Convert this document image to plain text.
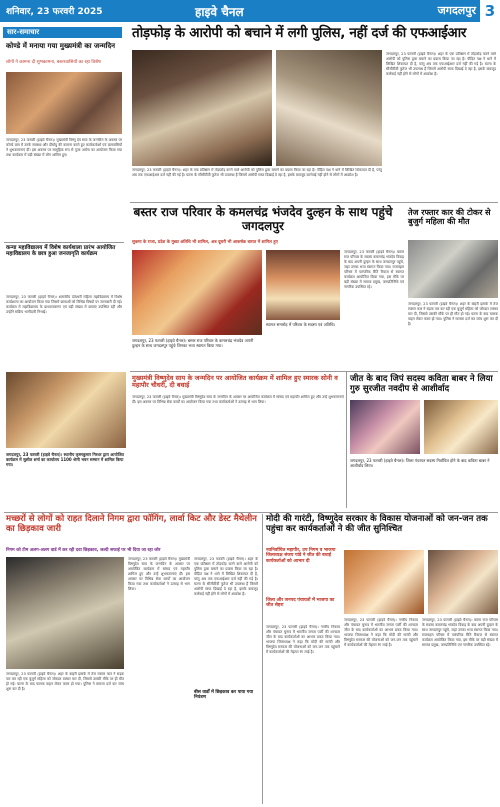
शनिवार, 23 फरवरी 2025	हाइवे चैनल	जगदलपुर 3
सार-समाचार
कोण्डे में मनाया गया मुख्यमंत्री का जन्मदिन
लोगों ने कामना दी शुभकामना, बस्तरवासियों का रहा विशेष
जगदलपुर, 23 फरवरी (हाइवे चैनल)। मुख्यमंत्री विष्णु देव साय के जन्मदिन के अवसर पर कोण्डे ग्राम में उनके स्वास्थ्य और दीर्घायु की कामना करते हुए कार्यकर्ताओं एवं ग्रामवासियों ने शुभकामनाएं दीं। इस अवसर पर सामूहिक रूप से पूजा अर्चना का आयोजन किया गया तथा कार्यक्रम में बड़ी संख्या में लोग शामिल हुए।
कन्या महाविद्यालय में विशेष कार्यशाला प्रारंभ आयोजित महाविद्यालय के छात्र हुआ जनजागृति कार्यक्रम
जगदलपुर, 23 फरवरी (हाइवे चैनल)। शासकीय दंतेश्वरी महिला महाविद्यालय में विशेष कार्यशाला का आयोजन किया गया जिसमें छात्राओं को विभिन्न विषयों पर जानकारी दी गई। कार्यक्रम में महाविद्यालय के प्राध्यापकगण एवं बड़ी संख्या में छात्राएं उपस्थित रहीं और उन्होंने सक्रिय भागीदारी निभाई।
तोड़फोड़ के आरोपी को बचाने में लगी पुलिस, नहीं दर्ज की एफआईआर
जगदलपुर, 23 फरवरी (हाइवे चैनल)। शहर के एक प्रतिष्ठान में तोड़फोड़ करने वाले आरोपी को पुलिस द्वारा बचाने का प्रयास किया जा रहा है। पीड़ित पक्ष ने थाने में लिखित शिकायत दी है, परंतु अब तक एफआईआर दर्ज नहीं की गई है। घटना के सीसीटीवी फुटेज भी उपलब्ध हैं जिसमें आरोपी साफ दिखाई दे रहा है, इसके बावजूद कार्रवाई नहीं होने से लोगों में आक्रोश है।
जगदलपुर, 23 फरवरी (हाइवे चैनल)। शहर के एक प्रतिष्ठान में तोड़फोड़ करने वाले आरोपी को पुलिस द्वारा बचाने का प्रयास किया जा रहा है। पीड़ित पक्ष ने थाने में लिखित शिकायत दी है, परंतु अब तक एफआईआर दर्ज नहीं की गई है। घटना के सीसीटीवी फुटेज भी उपलब्ध हैं जिसमें आरोपी साफ दिखाई दे रहा है, इसके बावजूद कार्रवाई नहीं होने से लोगों में आक्रोश है।
बस्तर राज परिवार के कमलचंद्र भंजदेव दुल्हन के साथ पहुंचे जगदलपुर
सुकमा के राजा, प्रदेश के मुख्य अतिथि भी शामिल, अब दूसरी भी आकर्षक बारात में शामिल हुए
जगदलपुर, 23 फरवरी (हाइवे चैनल)। बस्तर राज परिवार के सदस्य कमलचंद्र भंजदेव विवाह के बाद अपनी दुल्हन के साथ जगदलपुर पहुंचे, जहां उनका भव्य स्वागत किया गया। राजमहल परिसर में पारंपरिक रीति रिवाज से स्वागत कार्यक्रम आयोजित किया गया, इस मौके पर बड़ी संख्या में समाज प्रमुख, जनप्रतिनिधि एवं नागरिक उपस्थित रहे।
जगदलपुर, 23 फरवरी (हाइवे चैनल)। बस्तर राज परिवार के कमलचंद्र भंजदेव अपनी दुल्हन के साथ जगदलपुर पहुंचे जिनका भव्य स्वागत किया गया।
स्वागत समारोह में परिवार के सदस्य एवं अतिथि।
तेज रफ्तार कार की टोकर से बुजुर्ग महिला की मौत
जगदलपुर, 23 फरवरी (हाइवे चैनल)। शहर के बाहरी इलाके में तेज रफ्तार कार ने सड़क पार कर रही एक बुजुर्ग महिला को जोरदार टक्कर मार दी, जिससे उसकी मौके पर ही मौत हो गई। घटना के बाद चालक वाहन लेकर फरार हो गया। पुलिस ने मामला दर्ज कर जांच शुरू कर दी है।
मुख्यमंत्री विष्णुदेव साय के जन्मदिन पर आयोजित कार्यक्रम में शामिल हुए स्मारक सोनी व महापौर चौधरी, दी बधाई
जगदलपुर, 23 फरवरी (हाइवे चैनल)। स्थानीय कृष्णकुमार गिरधर द्वारा आयोजित कार्यक्रम में सुशील शर्मा का कार्यालय 1100 श्रेणी भवन सम्मान में शामिल किया गया।
जगदलपुर, 23 फरवरी (हाइवे चैनल)। मुख्यमंत्री विष्णुदेव साय के जन्मदिन के अवसर पर आयोजित कार्यक्रम में सांसद एवं महापौर शामिल हुए और उन्हें शुभकामनाएं दीं। इस अवसर पर विभिन्न सेवा कार्यों का आयोजन किया गया तथा कार्यकर्ताओं ने उत्साह से भाग लिया।
जीत के बाद जिपं सदस्य कविता बाबर ने लिया गुरु सुरजीत नवदीप से आशीर्वाद
जगदलपुर, 23 फरवरी (हाइवे चैनल)। जिला पंचायत सदस्य निर्वाचित होने के बाद कविता बाबर ने आशीर्वाद लिया।
मच्छरों से लोगों को राहत दिलाने निगम द्वारा फॉगिंग, लार्वा किट और डेस्ट मैथेलीन का छिड़काव जारी
निगम को टीम अलग-अलग वार्ड में कर रही दवा छिड़काव, जल्दी सफाई पर भी दिया जा रहा जोर
जगदलपुर, 23 फरवरी (हाइवे चैनल)। मुख्यमंत्री विष्णुदेव साय के जन्मदिन के अवसर पर आयोजित कार्यक्रम में सांसद एवं महापौर शामिल हुए और उन्हें शुभकामनाएं दीं। इस अवसर पर विभिन्न सेवा कार्यों का आयोजन किया गया तथा कार्यकर्ताओं ने उत्साह से भाग लिया।
जगदलपुर, 23 फरवरी (हाइवे चैनल)। शहर के एक प्रतिष्ठान में तोड़फोड़ करने वाले आरोपी को पुलिस द्वारा बचाने का प्रयास किया जा रहा है। पीड़ित पक्ष ने थाने में लिखित शिकायत दी है, परंतु अब तक एफआईआर दर्ज नहीं की गई है। घटना के सीसीटीवी फुटेज भी उपलब्ध हैं जिसमें आरोपी साफ दिखाई दे रहा है, इसके बावजूद कार्रवाई नहीं होने से लोगों में आक्रोश है।
बीस वार्डों में छिड़काव कर पाया गया नियंत्रण
जगदलपुर, 23 फरवरी (हाइवे चैनल)। शहर के बाहरी इलाके में तेज रफ्तार कार ने सड़क पार कर रही एक बुजुर्ग महिला को जोरदार टक्कर मार दी, जिससे उसकी मौके पर ही मौत हो गई। घटना के बाद चालक वाहन लेकर फरार हो गया। पुलिस ने मामला दर्ज कर जांच शुरू कर दी है।
मोदी की गारंटी, विष्णुदेव सरकार के विकास योजनाओं को जन-जन तक पहुंचा कर कार्यकर्ताओं ने की जीत सुनिश्चित
नवनिर्वाचित महापौर, उप निगम व भाजपा जिलाध्यक्ष संजय पांडे ने जीत की बधाई कार्यकर्ताओं को आभार दी
जिला और जनपद पंचायतों में भाजपा का जीत सेहरा
जगदलपुर, 23 फरवरी (हाइवे चैनल)। नगरीय निकाय और पंचायत चुनाव में भारतीय जनता पार्टी की शानदार जीत के बाद कार्यकर्ताओं का आभार प्रकट किया गया। भाजपा जिलाध्यक्ष ने कहा कि मोदी की गारंटी और विष्णुदेव सरकार की योजनाओं को जन-जन तक पहुंचाने में कार्यकर्ताओं की मेहनत रंग लाई है।
जगदलपुर, 23 फरवरी (हाइवे चैनल)। नगरीय निकाय और पंचायत चुनाव में भारतीय जनता पार्टी की शानदार जीत के बाद कार्यकर्ताओं का आभार प्रकट किया गया। भाजपा जिलाध्यक्ष ने कहा कि मोदी की गारंटी और विष्णुदेव सरकार की योजनाओं को जन-जन तक पहुंचाने में कार्यकर्ताओं की मेहनत रंग लाई है।
जगदलपुर, 23 फरवरी (हाइवे चैनल)। बस्तर राज परिवार के सदस्य कमलचंद्र भंजदेव विवाह के बाद अपनी दुल्हन के साथ जगदलपुर पहुंचे, जहां उनका भव्य स्वागत किया गया। राजमहल परिसर में पारंपरिक रीति रिवाज से स्वागत कार्यक्रम आयोजित किया गया, इस मौके पर बड़ी संख्या में समाज प्रमुख, जनप्रतिनिधि एवं नागरिक उपस्थित रहे।
